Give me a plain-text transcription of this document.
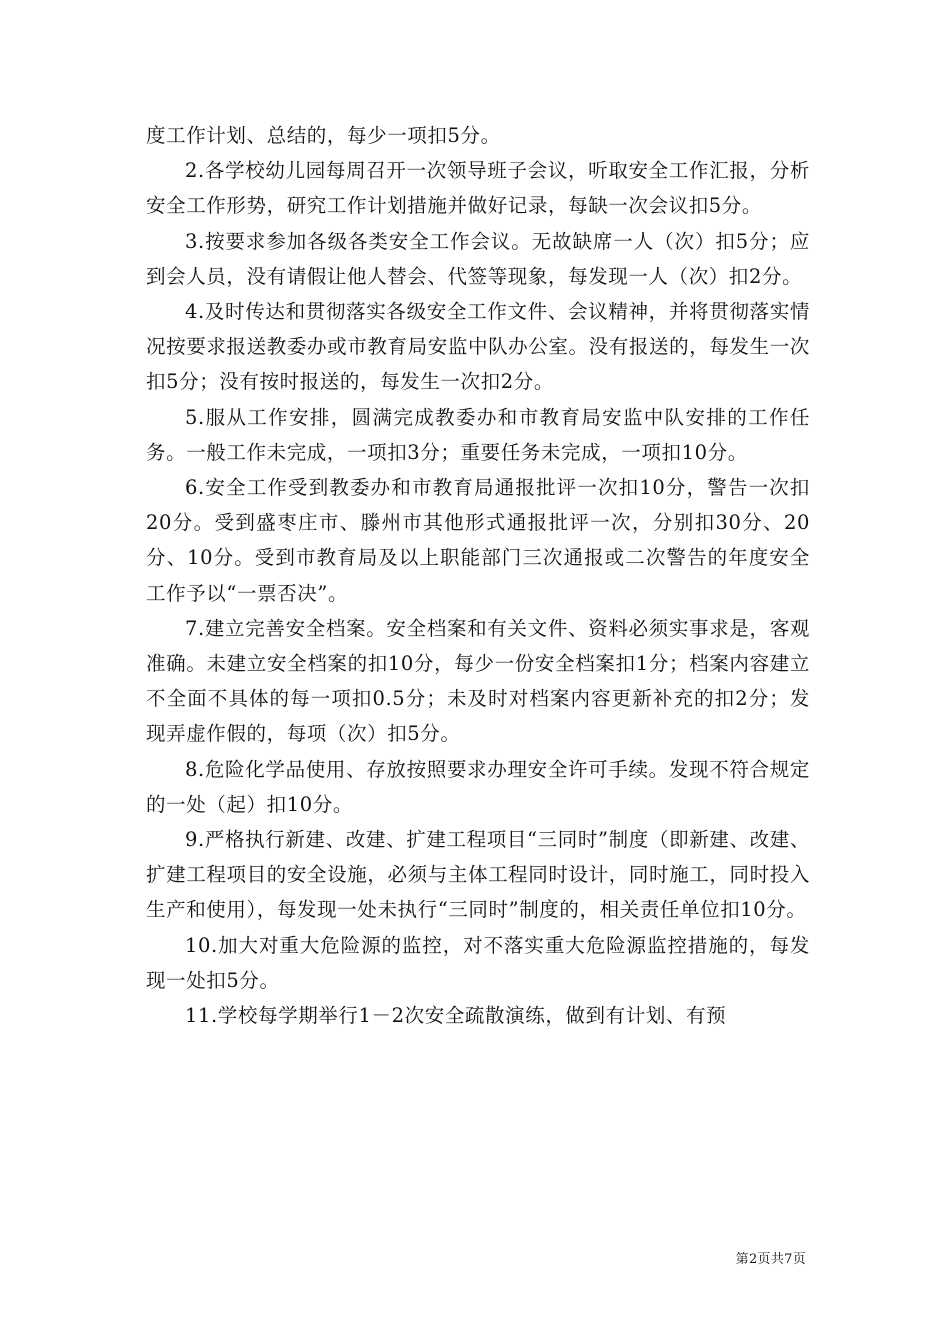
度工作计划、总结的，每少一项扣5分。

2.各学校幼儿园每周召开一次领导班子会议，听取安全工作汇报，分析安全工作形势，研究工作计划措施并做好记录，每缺一次会议扣5分。

3.按要求参加各级各类安全工作会议。无故缺席一人（次）扣5分；应到会人员，没有请假让他人替会、代签等现象，每发现一人（次）扣2分。

4.及时传达和贯彻落实各级安全工作文件、会议精神，并将贯彻落实情况按要求报送教委办或市教育局安监中队办公室。没有报送的，每发生一次扣5分；没有按时报送的，每发生一次扣2分。

5.服从工作安排，圆满完成教委办和市教育局安监中队安排的工作任务。一般工作未完成，一项扣3分；重要任务未完成，一项扣10分。

6.安全工作受到教委办和市教育局通报批评一次扣10分，警告一次扣20分。受到盛枣庄市、滕州市其他形式通报批评一次，分别扣30分、20分、10分。受到市教育局及以上职能部门三次通报或二次警告的年度安全工作予以“一票否决”。

7.建立完善安全档案。安全档案和有关文件、资料必须实事求是，客观准确。未建立安全档案的扣10分，每少一份安全档案扣1分；档案内容建立不全面不具体的每一项扣0.5分；未及时对档案内容更新补充的扣2分；发现弄虚作假的，每项（次）扣5分。

8.危险化学品使用、存放按照要求办理安全许可手续。发现不符合规定的一处（起）扣10分。

9.严格执行新建、改建、扩建工程项目“三同时”制度（即新建、改建、扩建工程项目的安全设施，必须与主体工程同时设计，同时施工，同时投入生产和使用），每发现一处未执行“三同时”制度的，相关责任单位扣10分。

10.加大对重大危险源的监控，对不落实重大危险源监控措施的，每发现一处扣5分。

11.学校每学期举行1－2次安全疏散演练，做到有计划、有预

第2页共7页
